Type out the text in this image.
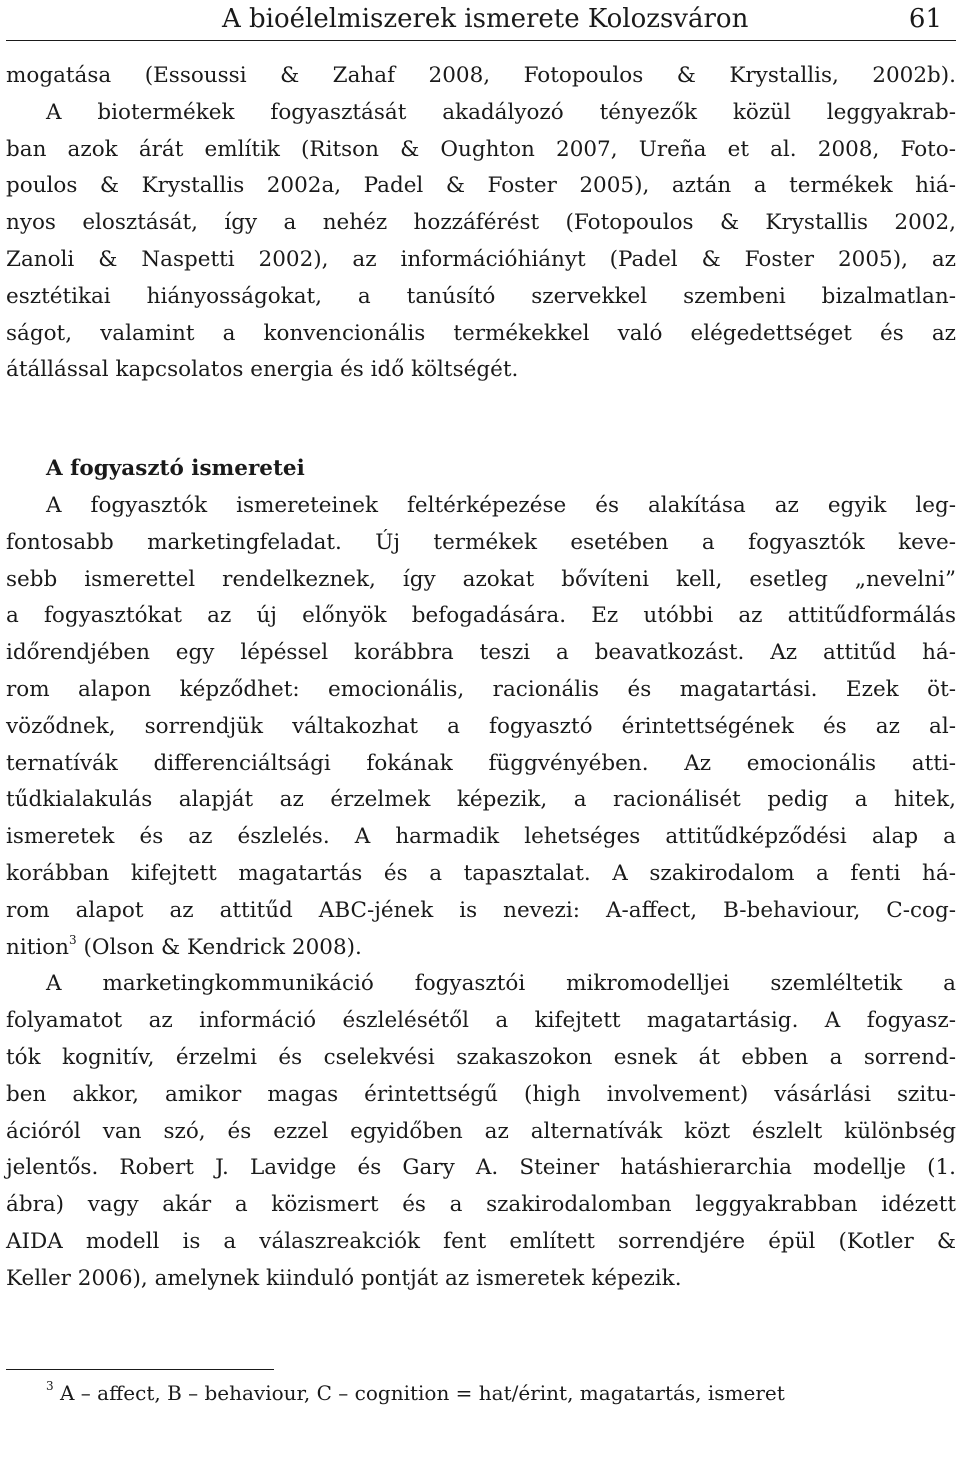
A bioélelmiszerek ismerete Kolozsváron	61
mogatása (Essoussi & Zahaf 2008, Fotopoulos & Krystallis, 2002b).
A biotermékek fogyasztását akadályozó tényezők közül leggyakrab-
ban azok árát említik (Ritson & Oughton 2007, Ureña et al. 2008, Foto-
poulos & Krystallis 2002a, Padel & Foster 2005), aztán a termékek hiá-
nyos elosztását, így a nehéz hozzáférést (Fotopoulos & Krystallis 2002,
Zanoli & Naspetti 2002), az információhiányt (Padel & Foster 2005), az
esztétikai hiányosságokat, a tanúsító szervekkel szembeni bizalmatlan-
ságot, valamint a konvencionális termékekkel való elégedettséget és az
átállással kapcsolatos energia és idő költségét.
A fogyasztó ismeretei
A fogyasztók ismereteinek feltérképezése és alakítása az egyik leg-
fontosabb marketingfeladat. Új termékek esetében a fogyasztók keve-
sebb ismerettel rendelkeznek, így azokat bővíteni kell, esetleg „nevelni”
a fogyasztókat az új előnyök befogadására. Ez utóbbi az attitűdformálás
időrendjében egy lépéssel korábbra teszi a beavatkozást. Az attitűd há-
rom alapon képződhet: emocionális, racionális és magatartási. Ezek öt-
vöződnek, sorrendjük váltakozhat a fogyasztó érintettségének és az al-
ternatívák differenciáltsági fokának függvényében. Az emocionális atti-
tűdkialakulás alapját az érzelmek képezik, a racionálisét pedig a hitek,
ismeretek és az észlelés. A harmadik lehetséges attitűdképződési alap a
korábban kifejtett magatartás és a tapasztalat. A szakirodalom a fenti há-
rom alapot az attitűd ABC-jének is nevezi: A-affect, B-behaviour, C-cog-
nition$^3$ (Olson & Kendrick 2008).
A marketingkommunikáció fogyasztói mikromodelljei szemléltetik a
folyamatot az információ észlelésétől a kifejtett magatartásig. A fogyasz-
tók kognitív, érzelmi és cselekvési szakaszokon esnek át ebben a sorrend-
ben akkor, amikor magas érintettségű (high involvement) vásárlási szitu-
ációról van szó, és ezzel egyidőben az alternatívák közt észlelt különbség
jelentős. Robert J. Lavidge és Gary A. Steiner hatáshierarchia modellje (1.
ábra) vagy akár a közismert és a szakirodalomban leggyakrabban idézett
AIDA modell is a válaszreakciók fent említett sorrendjére épül (Kotler &
Keller 2006), amelynek kiinduló pontját az ismeretek képezik.
$^3$ A – affect, B – behaviour, C – cognition = hat/érint, magatartás, ismeret
